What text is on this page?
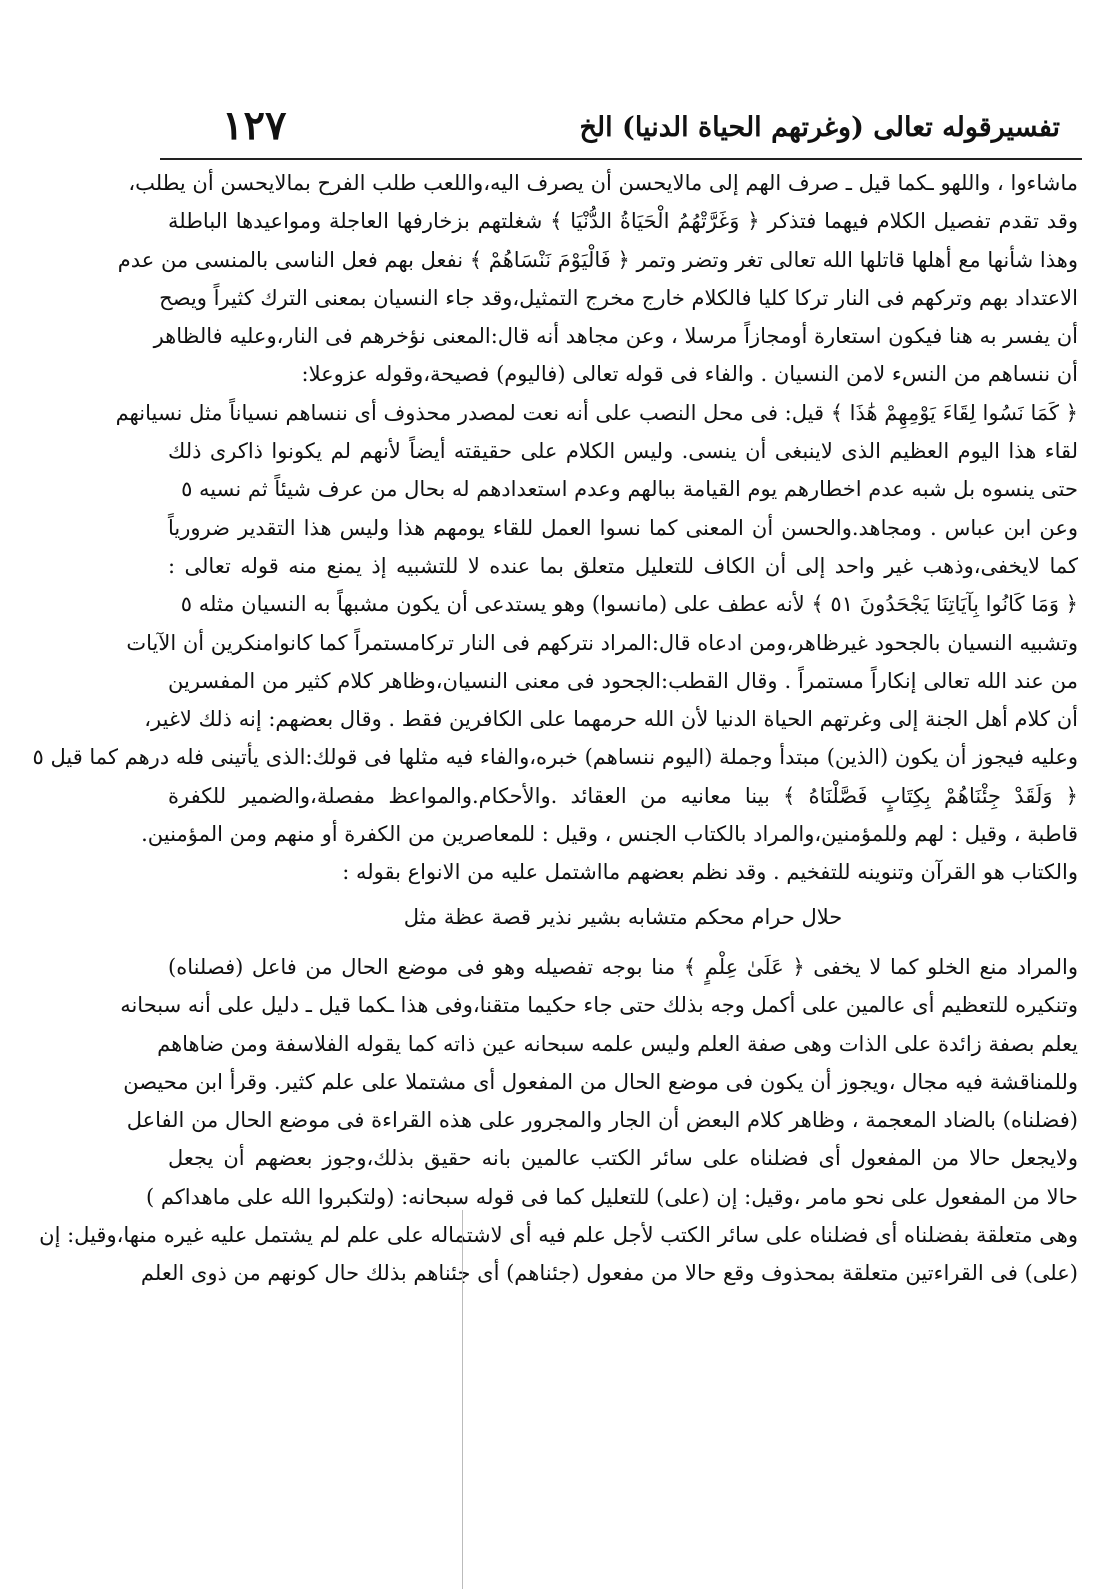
تفسيرقوله تعالى (وغرتهم الحياة الدنيا) الخ
١٢٧
ماشاءوا ، واللهو ـكما قيل ـ صرف الهم إلى مالايحسن أن يصرف اليه،واللعب طلب الفرح بمالايحسن أن يطلب،
وقد تقدم تفصيل الكلام فيهما فتذكر ﴿ وَغَرَّتْهُمُ الْحَيَاةُ الدُّنْيَا ﴾ شغلتهم بزخارفها العاجلة ومواعيدها الباطلة
وهذا شأنها مع أهلها قاتلها الله تعالى تغر وتضر وتمر ﴿ فَالْيَوْمَ نَنْسَاهُمْ ﴾ نفعل بهم فعل الناسى بالمنسى من عدم
الاعتداد بهم وتركهم فى النار تركا كليا فالكلام خارج مخرج التمثيل،وقد جاء النسيان بمعنى الترك كثيراً ويصح
أن يفسر به هنا فيكون استعارة أومجازاً مرسلا ، وعن مجاهد أنه قال:المعنى نؤخرهم فى النار،وعليه فالظاهر
أن ننساهم من النسء لامن النسيان . والفاء فى قوله تعالى (فاليوم) فصيحة،وقوله عزوعلا:
﴿ كَمَا نَسُوا لِقَاءَ يَوْمِهِمْ هَٰذَا ﴾ قيل: فى محل النصب على أنه نعت لمصدر محذوف أى ننساهم نسياناً مثل نسيانهم
لقاء هذا اليوم العظيم الذى لاينبغى أن ينسى. وليس الكلام على حقيقته أيضاً لأنهم لم يكونوا ذاكرى ذلك
حتى ينسوه بل شبه عدم اخطارهم يوم القيامة ببالهم وعدم استعدادهم له بحال من عرف شيئاً ثم نسيه ٥
وعن ابن عباس . ومجاهد.والحسن أن المعنى كما نسوا العمل للقاء يومهم هذا وليس هذا التقدير ضرورياً
كما لايخفى،وذهب غير واحد إلى أن الكاف للتعليل متعلق بما عنده لا للتشبيه إذ يمنع منه قوله تعالى :
﴿ وَمَا كَانُوا بِآيَاتِنَا يَجْحَدُونَ ٥١ ﴾ لأنه عطف على (مانسوا) وهو يستدعى أن يكون مشبهاً به النسيان مثله ٥
وتشبيه النسيان بالجحود غيرظاهر،ومن ادعاه قال:المراد نتركهم فى النار تركامستمراً كما كانوامنكرين أن الآيات
من عند الله تعالى إنكاراً مستمراً . وقال القطب:الجحود فى معنى النسيان،وظاهر كلام كثير من المفسرين
أن كلام أهل الجنة إلى وغرتهم الحياة الدنيا لأن الله حرمهما على الكافرين فقط . وقال بعضهم: إنه ذلك لاغير،
وعليه فيجوز أن يكون (الذين) مبتدأ وجملة (اليوم ننساهم) خبره،والفاء فيه مثلها فى قولك:الذى يأتينى فله درهم كما قيل ٥
﴿ وَلَقَدْ جِئْنَاهُمْ بِكِتَابٍ فَصَّلْنَاهُ ﴾ بينا معانيه من العقائد .والأحكام.والمواعظ مفصلة،والضمير للكفرة
قاطبة ، وقيل : لهم وللمؤمنين،والمراد بالكتاب الجنس ، وقيل : للمعاصرين من الكفرة أو منهم ومن المؤمنين.
والكتاب هو القرآن وتنوينه للتفخيم . وقد نظم بعضهم مااشتمل عليه من الانواع بقوله :
حلال حرام محكم متشابه بشير نذير قصة عظة مثل
والمراد منع الخلو كما لا يخفى ﴿ عَلَىٰ عِلْمٍ ﴾ منا بوجه تفصيله وهو فى موضع الحال من فاعل (فصلناه)
وتنكيره للتعظيم أى عالمين على أكمل وجه بذلك حتى جاء حكيما متقنا،وفى هذا ـكما قيل ـ دليل على أنه سبحانه
يعلم بصفة زائدة على الذات وهى صفة العلم وليس علمه سبحانه عين ذاته كما يقوله الفلاسفة ومن ضاهاهم
وللمناقشة فيه مجال ،ويجوز أن يكون فى موضع الحال من المفعول أى مشتملا على علم كثير. وقرأ ابن محيصن
(فضلناه) بالضاد المعجمة ، وظاهر كلام البعض أن الجار والمجرور على هذه القراءة فى موضع الحال من الفاعل
ولايجعل حالا من المفعول أى فضلناه على سائر الكتب عالمين بانه حقيق بذلك،وجوز بعضهم أن يجعل
حالا من المفعول على نحو مامر ،وقيل: إن (على) للتعليل كما فى قوله سبحانه: (ولتكبروا الله على ماهداكم )
وهى متعلقة بفضلناه أى فضلناه على سائر الكتب لأجل علم فيه أى لاشتماله على علم لم يشتمل عليه غيره منها،وقيل: إن
(على) فى القراءتين متعلقة بمحذوف وقع حالا من مفعول (جئناهم) أى جئناهم بذلك حال كونهم من ذوى العلم
